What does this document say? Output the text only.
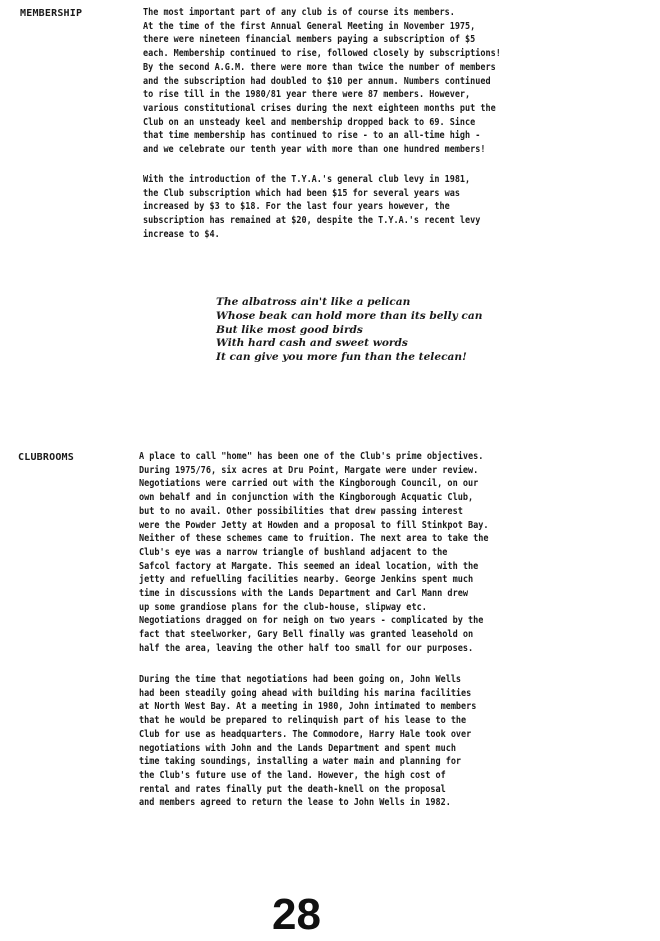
MEMBERSHIP	The most important part of any club is of course its members.
At the time of the first Annual General Meeting in November 1975,
there were nineteen financial members paying a subscription of $5
each. Membership continued to rise, followed closely by subscriptions!
By the second A.G.M. there were more than twice the number of members
and the subscription had doubled to $10 per annum. Numbers continued
to rise till in the 1980/81 year there were 87 members. However,
various constitutional crises during the next eighteen months put the
Club on an unsteady keel and membership dropped back to 69. Since
that time membership has continued to rise - to an all-time high -
and we celebrate our tenth year with more than one hundred members!

With the introduction of the T.Y.A.'s general club levy in 1981,
the Club subscription which had been $15 for several years was
increased by $3 to $18. For the last four years however, the
subscription has remained at $20, despite the T.Y.A.'s recent levy
increase to $4.

The albatross ain't like a pelican
Whose beak can hold more than its belly can
But like most good birds
With hard cash and sweet words
It can give you more fun than the telecan!

CLUBROOMS	A place to call "home" has been one of the Club's prime objectives.
During 1975/76, six acres at Dru Point, Margate were under review.
Negotiations were carried out with the Kingborough Council, on our
own behalf and in conjunction with the Kingborough Acquatic Club,
but to no avail. Other possibilities that drew passing interest
were the Powder Jetty at Howden and a proposal to fill Stinkpot Bay.
Neither of these schemes came to fruition. The next area to take the
Club's eye was a narrow triangle of bushland adjacent to the
Safcol factory at Margate. This seemed an ideal location, with the
jetty and refuelling facilities nearby. George Jenkins spent much
time in discussions with the Lands Department and Carl Mann drew
up some grandiose plans for the club-house, slipway etc.
Negotiations dragged on for neigh on two years - complicated by the
fact that steelworker, Gary Bell finally was granted leasehold on
half the area, leaving the other half too small for our purposes.

During the time that negotiations had been going on, John Wells
had been steadily going ahead with building his marina facilities
at North West Bay. At a meeting in 1980, John intimated to members
that he would be prepared to relinquish part of his lease to the
Club for use as headquarters. The Commodore, Harry Hale took over
negotiations with John and the Lands Department and spent much
time taking soundings, installing a water main and planning for
the Club's future use of the land. However, the high cost of
rental and rates finally put the death-knell on the proposal
and members agreed to return the lease to John Wells in 1982.

28
